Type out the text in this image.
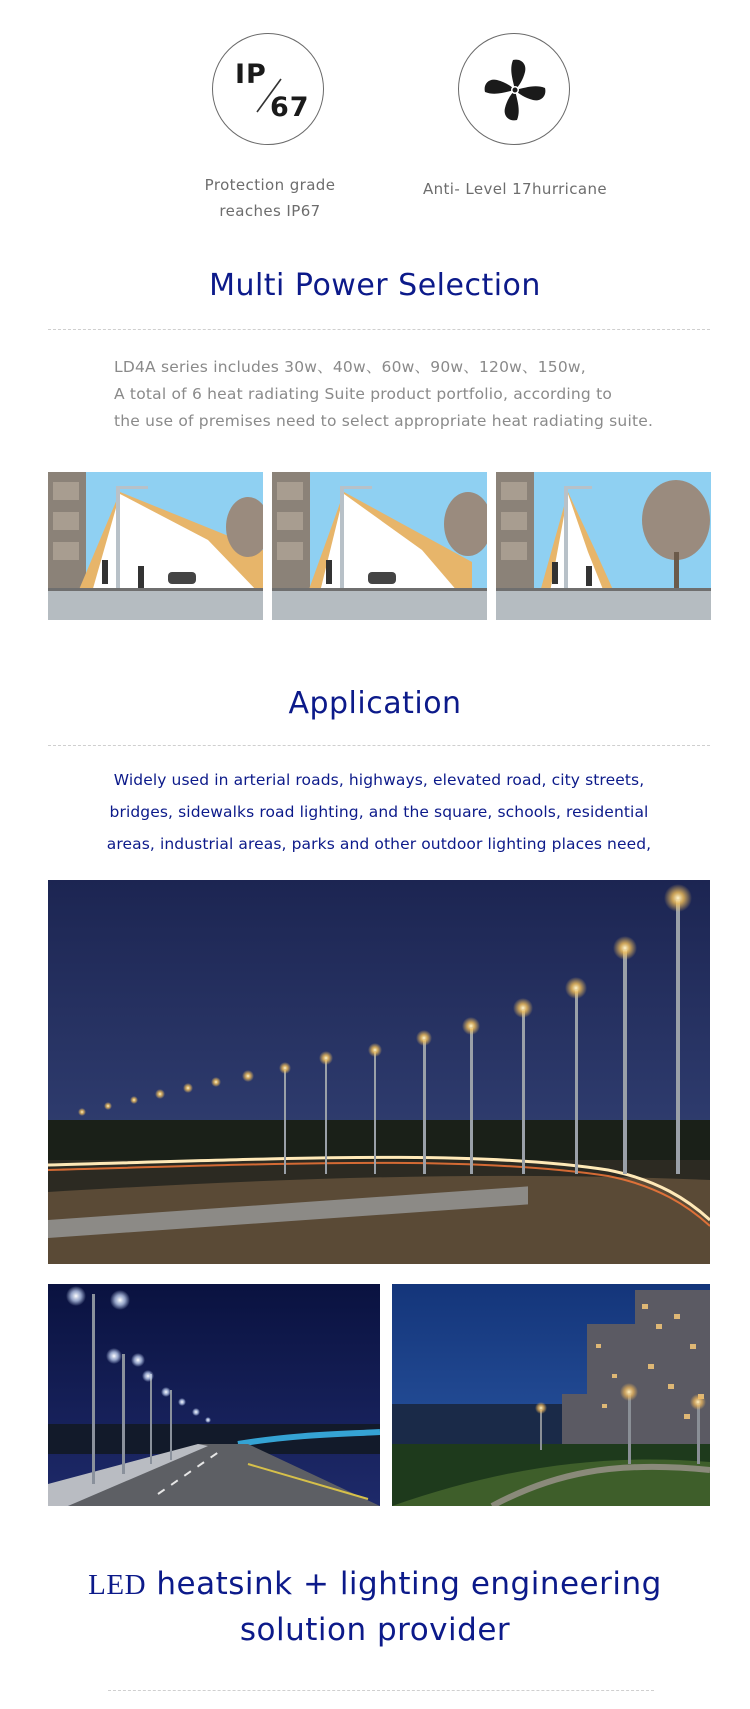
IP
67
Protection grade
reaches IP67
Anti- Level 17hurricane
Multi Power Selection
LD4A series includes 30w、40w、60w、90w、120w、150w,
A total of 6 heat radiating Suite product portfolio, according to
the use of premises need to select appropriate heat radiating suite.
Application
Widely used in arterial roads, highways, elevated road, city streets,
bridges, sidewalks road lighting, and the square, schools, residential
areas, industrial areas, parks and other outdoor lighting places need,
LED heatsink + lighting engineering
solution provider
